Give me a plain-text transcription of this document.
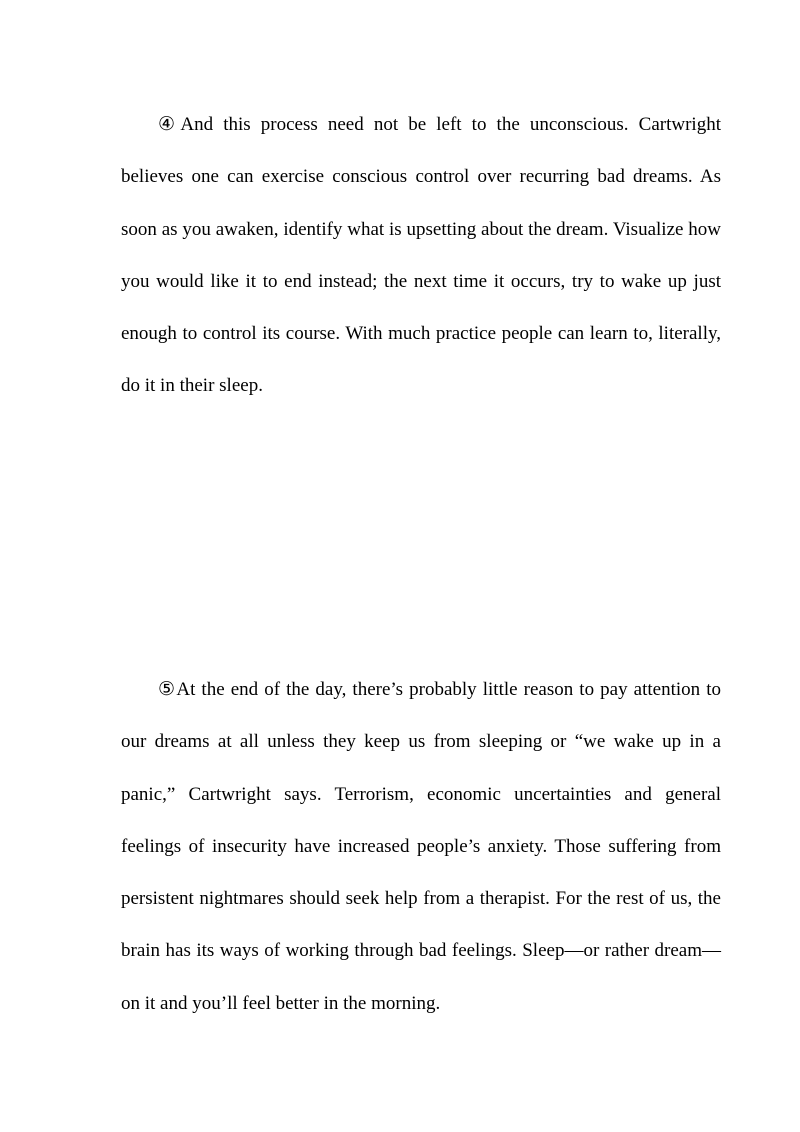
④And this process need not be left to the unconscious. Cartwright believes one can exercise conscious control over recurring bad dreams. As soon as you awaken, identify what is upsetting about the dream. Visualize how you would like it to end instead; the next time it occurs, try to wake up just enough to control its course. With much practice people can learn to, literally, do it in their sleep.

⑤At the end of the day, there’s probably little reason to pay attention to our dreams at all unless they keep us from sleeping or “we wake up in a panic,” Cartwright says. Terrorism, economic uncertainties and general feelings of insecurity have increased people’s anxiety. Those suffering from persistent nightmares should seek help from a therapist. For the rest of us, the brain has its ways of working through bad feelings. Sleep—or rather dream—on it and you’ll feel better in the morning.
